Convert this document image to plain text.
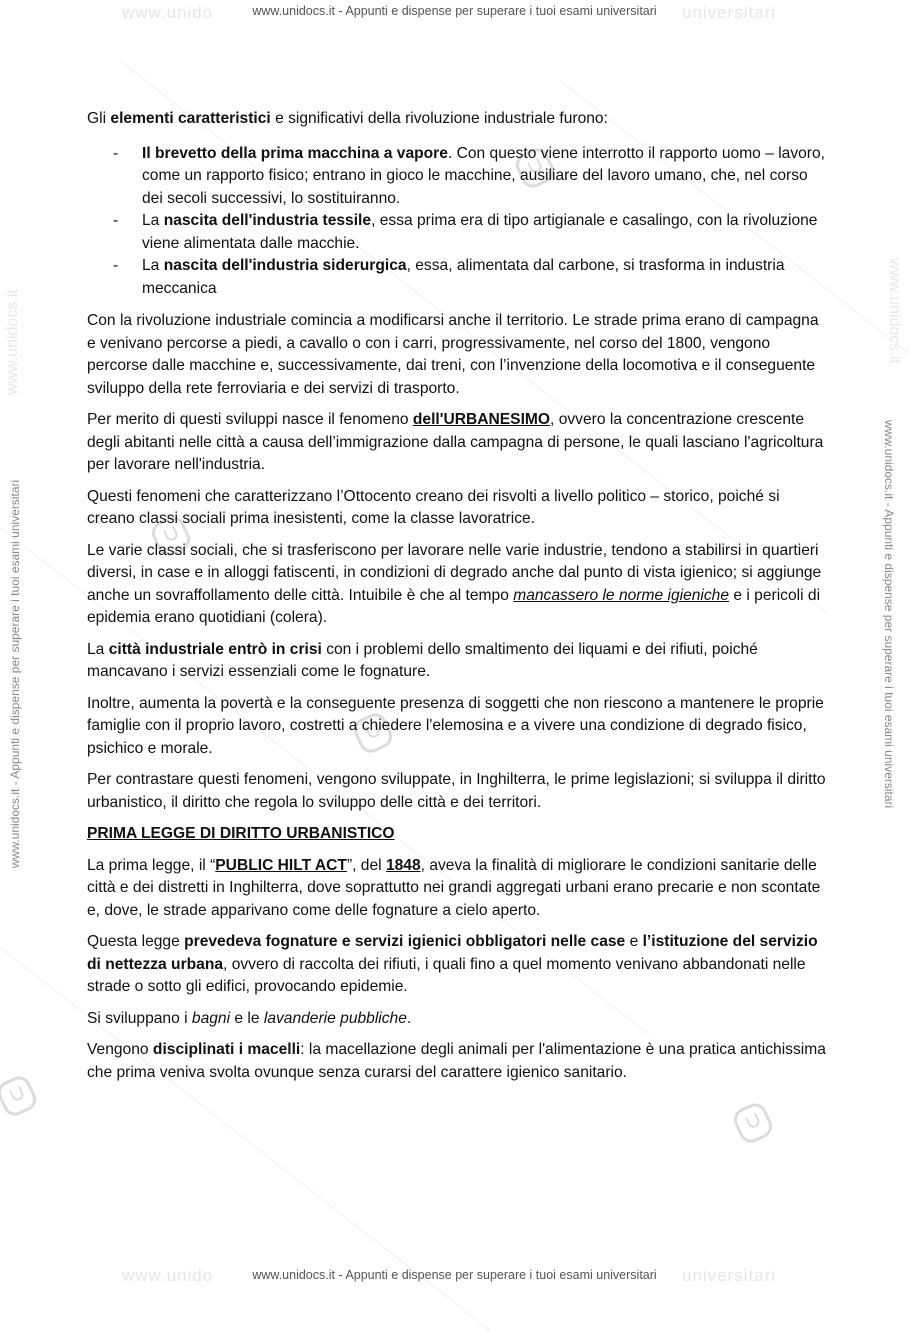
www.unido	universitari
www.unido	universitari
www.unidocs.it	www.unidocs.it
www.unidocs.it - Appunti e dispense per superare i tuoi esami universitari
www.unidocs.it - Appunti e dispense per superare i tuoi esami universitari
www.unidocs.it - Appunti e dispense per superare i tuoi esami universitari	www.unidocs.it - Appunti e dispense per superare i tuoi esami universitari

Gli elementi caratteristici e significativi della rivoluzione industriale furono:

- Il brevetto della prima macchina a vapore. Con questo viene interrotto il rapporto uomo – lavoro, come un rapporto fisico; entrano in gioco le macchine, ausiliare del lavoro umano, che, nel corso dei secoli successivi, lo sostituiranno.
- La nascita dell'industria tessile, essa prima era di tipo artigianale e casalingo, con la rivoluzione viene alimentata dalle macchie.
- La nascita dell'industria siderurgica, essa, alimentata dal carbone, si trasforma in industria meccanica

Con la rivoluzione industriale comincia a modificarsi anche il territorio. Le strade prima erano di campagna e venivano percorse a piedi, a cavallo o con i carri, progressivamente, nel corso del 1800, vengono percorse dalle macchine e, successivamente, dai treni, con l’invenzione della locomotiva e il conseguente sviluppo della rete ferroviaria e dei servizi di trasporto.

Per merito di questi sviluppi nasce il fenomeno dell'URBANESIMO, ovvero la concentrazione crescente degli abitanti nelle città a causa dell’immigrazione dalla campagna di persone, le quali lasciano l'agricoltura per lavorare nell'industria.

Questi fenomeni che caratterizzano l’Ottocento creano dei risvolti a livello politico – storico, poiché si creano classi sociali prima inesistenti, come la classe lavoratrice.

Le varie classi sociali, che si trasferiscono per lavorare nelle varie industrie, tendono a stabilirsi in quartieri diversi, in case e in alloggi fatiscenti, in condizioni di degrado anche dal punto di vista igienico; si aggiunge anche un sovraffollamento delle città. Intuibile è che al tempo mancassero le norme igieniche e i pericoli di epidemia erano quotidiani (colera).

La città industriale entrò in crisi con i problemi dello smaltimento dei liquami e dei rifiuti, poiché mancavano i servizi essenziali come le fognature.

Inoltre, aumenta la povertà e la conseguente presenza di soggetti che non riescono a mantenere le proprie famiglie con il proprio lavoro, costretti a chiedere l'elemosina e a vivere una condizione di degrado fisico, psichico e morale.

Per contrastare questi fenomeni, vengono sviluppate, in Inghilterra, le prime legislazioni; si sviluppa il diritto urbanistico, il diritto che regola lo sviluppo delle città e dei territori.

PRIMA LEGGE DI DIRITTO URBANISTICO

La prima legge, il “PUBLIC HILT ACT”, del 1848, aveva la finalità di migliorare le condizioni sanitarie delle città e dei distretti in Inghilterra, dove soprattutto nei grandi aggregati urbani erano precarie e non scontate e, dove, le strade apparivano come delle fognature a cielo aperto.

Questa legge prevedeva fognature e servizi igienici obbligatori nelle case e l’istituzione del servizio di nettezza urbana, ovvero di raccolta dei rifiuti, i quali fino a quel momento venivano abbandonati nelle strade o sotto gli edifici, provocando epidemie.

Si sviluppano i bagni e le lavanderie pubbliche.

Vengono disciplinati i macelli: la macellazione degli animali per l'alimentazione è una pratica antichissima che prima veniva svolta ovunque senza curarsi del carattere igienico sanitario.
